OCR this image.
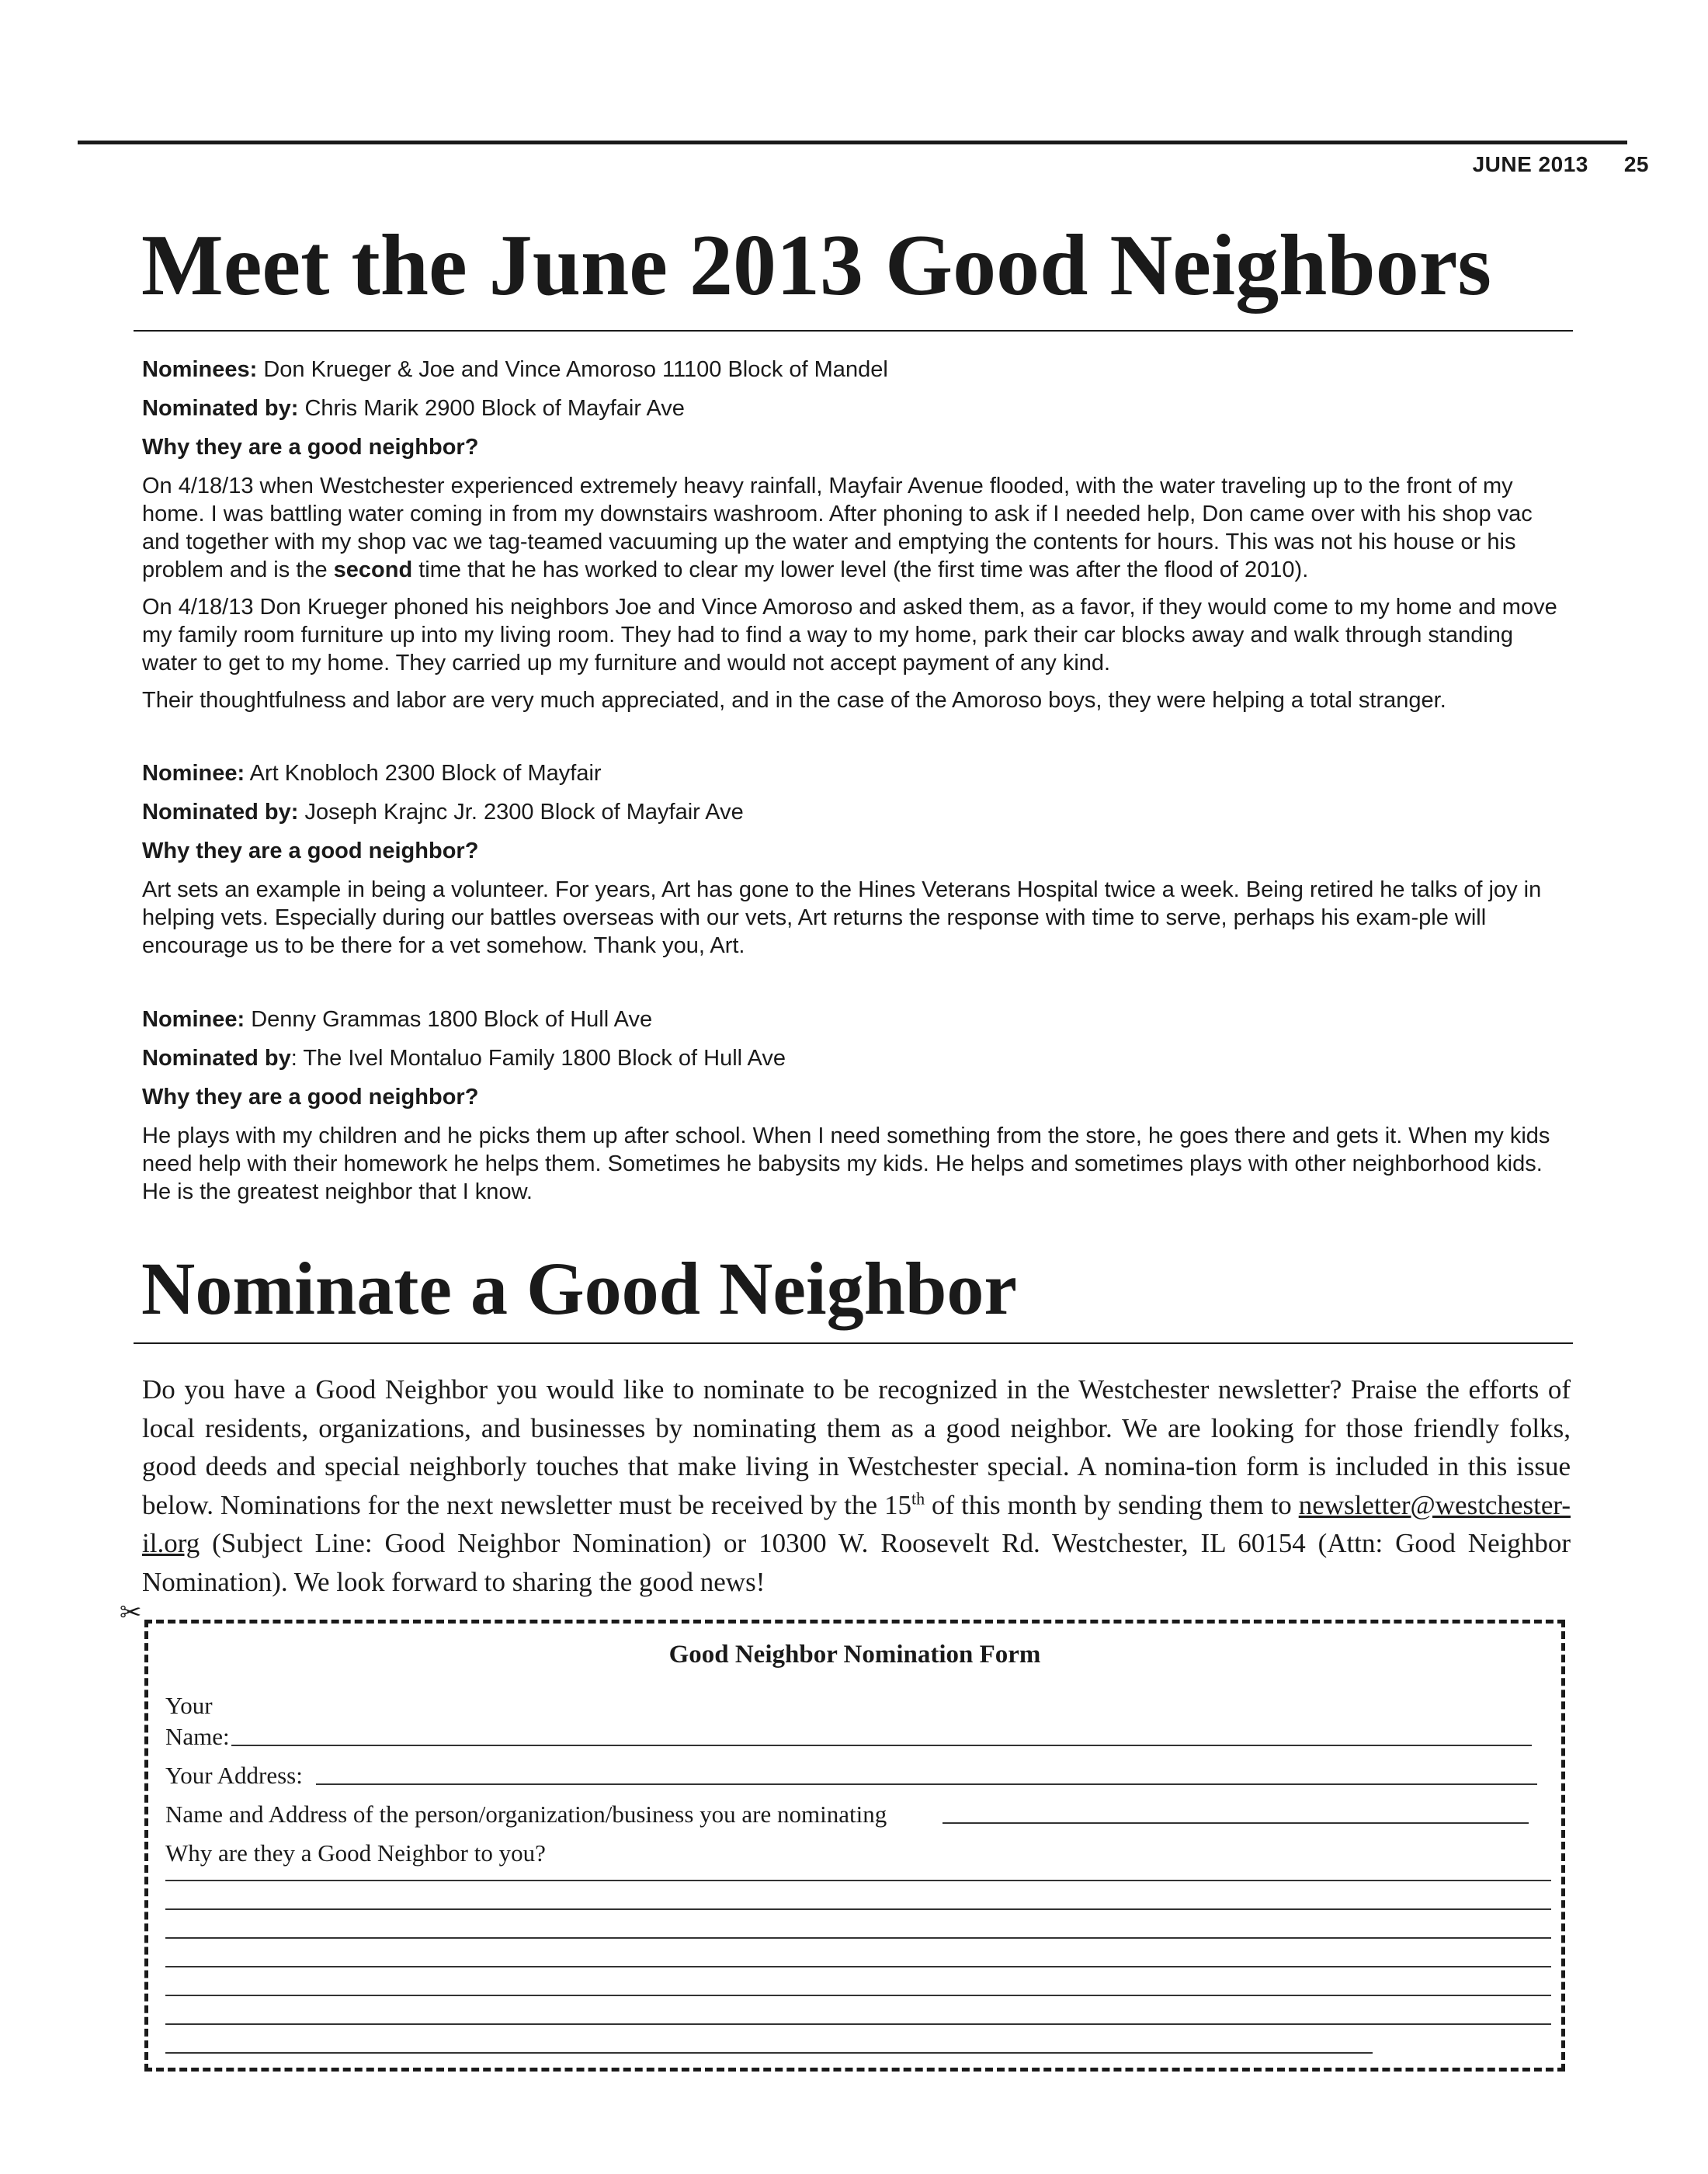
JUNE 2013 25
Meet the June 2013 Good Neighbors
Nominees: Don Krueger & Joe and Vince Amoroso 11100 Block of Mandel
Nominated by: Chris Marik 2900 Block of Mayfair Ave
Why they are a good neighbor?

On 4/18/13 when Westchester experienced extremely heavy rainfall, Mayfair Avenue flooded, with the water traveling up to the front of my home. I was battling water coming in from my downstairs washroom. After phoning to ask if I needed help, Don came over with his shop vac and together with my shop vac we tag-teamed vacuuming up the water and emptying the contents for hours. This was not his house or his problem and is the second time that he has worked to clear my lower level (the first time was after the flood of 2010).

On 4/18/13 Don Krueger phoned his neighbors Joe and Vince Amoroso and asked them, as a favor, if they would come to my home and move my family room furniture up into my living room. They had to find a way to my home, park their car blocks away and walk through standing water to get to my home. They carried up my furniture and would not accept payment of any kind.

Their thoughtfulness and labor are very much appreciated, and in the case of the Amoroso boys, they were helping a total stranger.

Nominee: Art Knobloch 2300 Block of Mayfair
Nominated by: Joseph Krajnc Jr. 2300 Block of Mayfair Ave
Why they are a good neighbor?

Art sets an example in being a volunteer. For years, Art has gone to the Hines Veterans Hospital twice a week. Being retired he talks of joy in helping vets. Especially during our battles overseas with our vets, Art returns the response with time to serve, perhaps his exam-ple will encourage us to be there for a vet somehow. Thank you, Art.

Nominee: Denny Grammas 1800 Block of Hull Ave
Nominated by: The Ivel Montaluo Family 1800 Block of Hull Ave
Why they are a good neighbor?

He plays with my children and he picks them up after school. When I need something from the store, he goes there and gets it. When my kids need help with their homework he helps them. Sometimes he babysits my kids. He helps and sometimes plays with other neighborhood kids. He is the greatest neighbor that I know.

Nominate a Good Neighbor
Do you have a Good Neighbor you would like to nominate to be recognized in the Westchester newsletter? Praise the efforts of local residents, organizations, and businesses by nominating them as a good neighbor. We are looking for those friendly folks, good deeds and special neighborly touches that make living in Westchester special. A nomina-tion form is included in this issue below. Nominations for the next newsletter must be received by the 15th of this month by sending them to newsletter@westchester-il.org (Subject Line: Good Neighbor Nomination) or 10300 W. Roosevelt Rd. Westchester, IL 60154 (Attn: Good Neighbor Nomination). We look forward to sharing the good news!
✂
Good Neighbor Nomination Form
Your
Name:
Your Address:
Name and Address of the person/organization/business you are nominating
Why are they a Good Neighbor to you?
